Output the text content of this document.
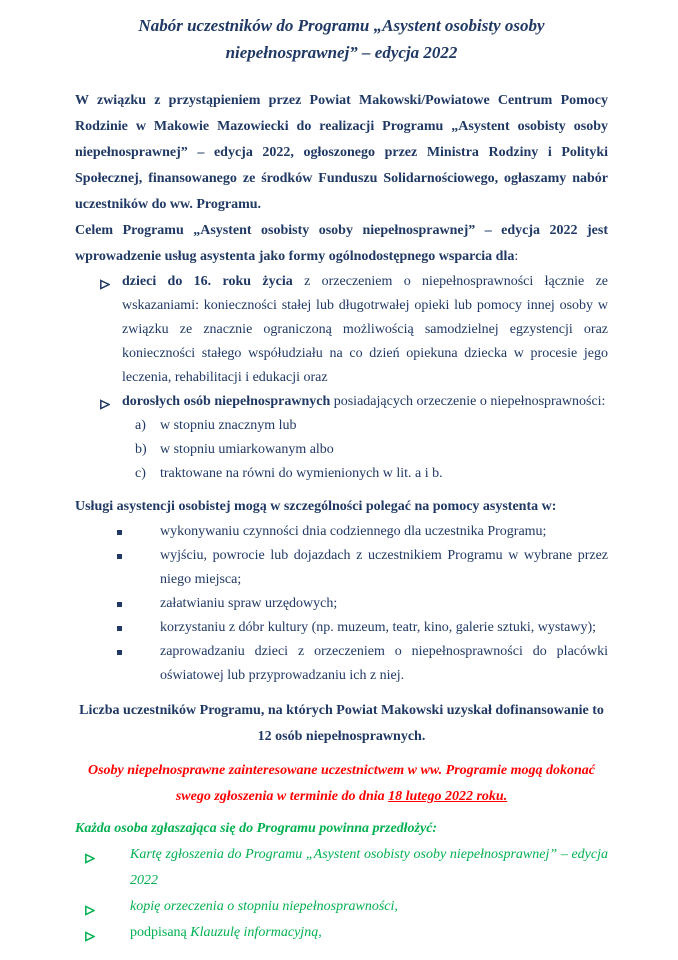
Nabór uczestników do Programu „Asystent osobisty osoby
niepełnosprawnej” – edycja 2022

W związku z przystąpieniem przez Powiat Makowski/Powiatowe Centrum Pomocy Rodzinie w Makowie Mazowiecki do realizacji Programu „Asystent osobisty osoby niepełnosprawnej” – edycja 2022, ogłoszonego przez Ministra Rodziny i Polityki Społecznej, finansowanego ze środków Funduszu Solidarnościowego, ogłaszamy nabór uczestników do ww. Programu.

Celem Programu „Asystent osobisty osoby niepełnosprawnej” – edycja 2022 jest wprowadzenie usług asystenta jako formy ogólnodostępnego wsparcia dla:

dzieci do 16. roku życia z orzeczeniem o niepełnosprawności łącznie ze wskazaniami: konieczności stałej lub długotrwałej opieki lub pomocy innej osoby w związku ze znacznie ograniczoną możliwością samodzielnej egzystencji oraz konieczności stałego współudziału na co dzień opiekuna dziecka w procesie jego leczenia, rehabilitacji i edukacji oraz
dorosłych osób niepełnosprawnych posiadających orzeczenie o niepełnosprawności:
a) w stopniu znacznym lub
b) w stopniu umiarkowanym albo
c) traktowane na równi do wymienionych w lit. a i b.

Usługi asystencji osobistej mogą w szczególności polegać na pomocy asystenta w:

wykonywaniu czynności dnia codziennego dla uczestnika Programu;
wyjściu, powrocie lub dojazdach z uczestnikiem Programu w wybrane przez niego miejsca;
załatwianiu spraw urzędowych;
korzystaniu z dóbr kultury (np. muzeum, teatr, kino, galerie sztuki, wystawy);
zaprowadzaniu dzieci z orzeczeniem o niepełnosprawności do placówki oświatowej lub przyprowadzaniu ich z niej.

Liczba uczestników Programu, na których Powiat Makowski uzyskał dofinansowanie to 12 osób niepełnosprawnych.

Osoby niepełnosprawne zainteresowane uczestnictwem w ww. Programie mogą dokonać swego zgłoszenia w terminie do dnia 18 lutego 2022 roku.

Każda osoba zgłaszająca się do Programu powinna przedłożyć:

Kartę zgłoszenia do Programu „Asystent osobisty osoby niepełnosprawnej” – edycja 2022
kopię orzeczenia o stopniu niepełnosprawności,
podpisaną Klauzulę informacyjną,
